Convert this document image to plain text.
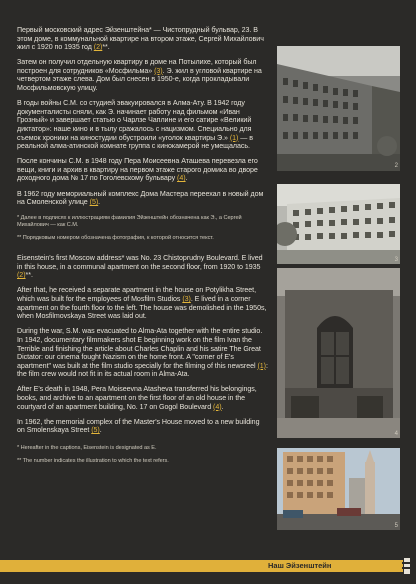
Первый московский адрес Эйзенштейна* — Чистопрудный бульвар, 23. В этом доме, в коммунальной квартире на втором этаже, Сергей Михайлович жил с 1920 по 1935 год (2)**.

Затем он получил отдельную квартиру в доме на Потылихе, который был построен для сотрудников «Мосфильма» (3). Э. жил в угловой квартире на четвертом этаже слева. Дом был снесен в 1950-е, когда прокладывали Мосфильмовскую улицу.

В годы войны С.М. со студией эвакуировался в Алма-Ату. В 1942 году документалисты сняли, как Э. начинает работу над фильмом «Иван Грозный» и завершает статью о Чарлзе Чаплине и его сатире «Великий диктатор»: наше кино и в тылу сражалось с нацизмом. Специально для съемок хроники на киностудии обустроили «уголок квартиры Э.» (1) — в реальной алма-атинской комнате группа с кинокамерой не умещалась.

После кончины С.М. в 1948 году Пера Моисеевна Аташева перевезла его вещи, книги и архив в квартиру на первом этаже старого домика во дворе доходного дома № 17 по Гоголевскому бульвару (4).

В 1962 году мемориальный комплекс Дома Мастера переехал в новый дом на Смоленской улице (5).

* Далее в подписях к иллюстрациям фамилия Эйзенштейн обозначена как Э., а Сергей Михайлович — как С.М.

** Порядковым номером обозначена фотография, к которой относится текст.

Eisenstein's first Moscow address* was No. 23 Chistoprudny Boulevard. E lived in this house, in a communal apartment on the second floor, from 1920 to 1935 (2)**.

After that, he received a separate apartment in the house on Potylikha Street, which was built for the employees of Mosfilm Studios (3). E lived in a corner apartment on the fourth floor to the left. The house was demolished in the 1950s, when Mosfilmovskaya Street was laid out.

During the war, S.M. was evacuated to Alma-Ata together with the entire studio. In 1942, documentary filmmakers shot E beginning work on the film Ivan the Terrible and finishing the article about Charles Chaplin and his satire The Great Dictator: our cinema fought Nazism on the home front. A "corner of E's apartment" was built at the film studio specially for the filming of this newsreel (1): the film crew would not fit in its actual room in Alma-Ata.

After E's death in 1948, Pera Moiseevna Atasheva transferred his belongings, books, and archive to an apartment on the first floor of an old house in the courtyard of an apartment building, No. 17 on Gogol Boulevard (4).

In 1962, the memorial complex of the Master's House moved to a new building on Smolenskaya Street (5).

* Hereafter in the captions, Eisenstein is designated as E.

** The number indicates the illustration to which the text refers.

2
3
4
5
Наш Эйзенштейн
